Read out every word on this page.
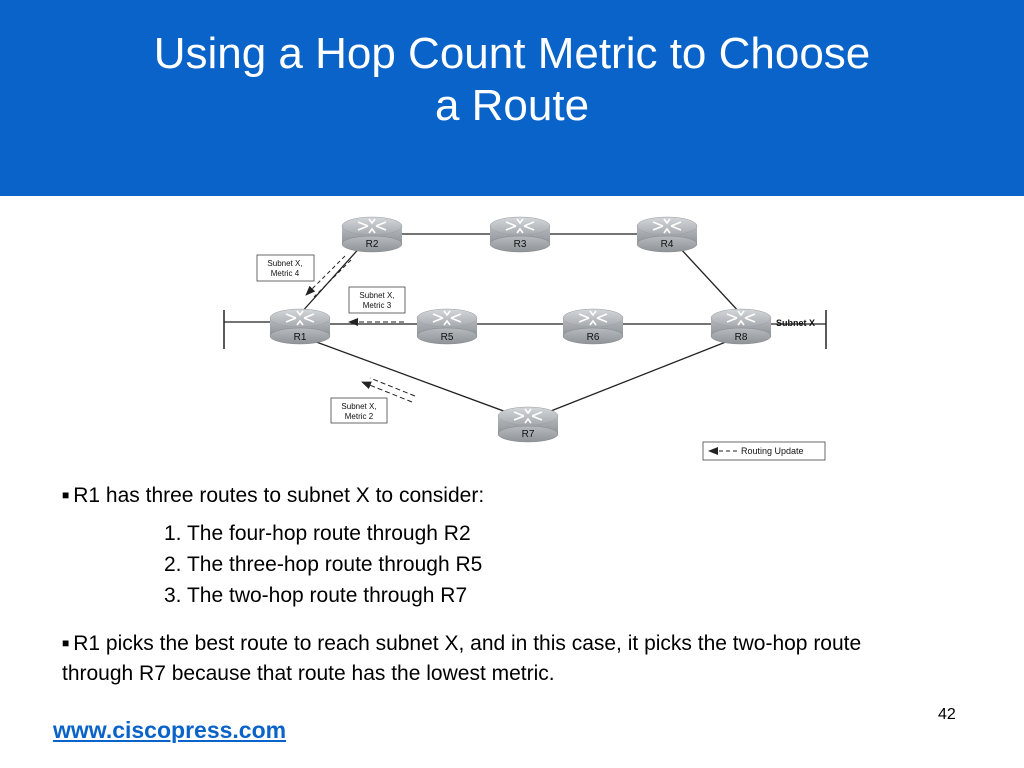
Using a Hop Count Metric to Choose
a Route
R2	R3	R4
R1	R5	R6	R8
R7
Subnet X
Subnet X,
Metric 4
Subnet X,
Metric 3
Subnet X,
Metric 2
Routing Update
■ R1 has three routes to subnet X to consider:
1. The four-hop route through R2
2. The three-hop route through R5
3. The two-hop route through R7
■ R1 picks the best route to reach subnet X, and in this case, it picks the two-hop route through R7 because that route has the lowest metric.
42
www.ciscopress.com
